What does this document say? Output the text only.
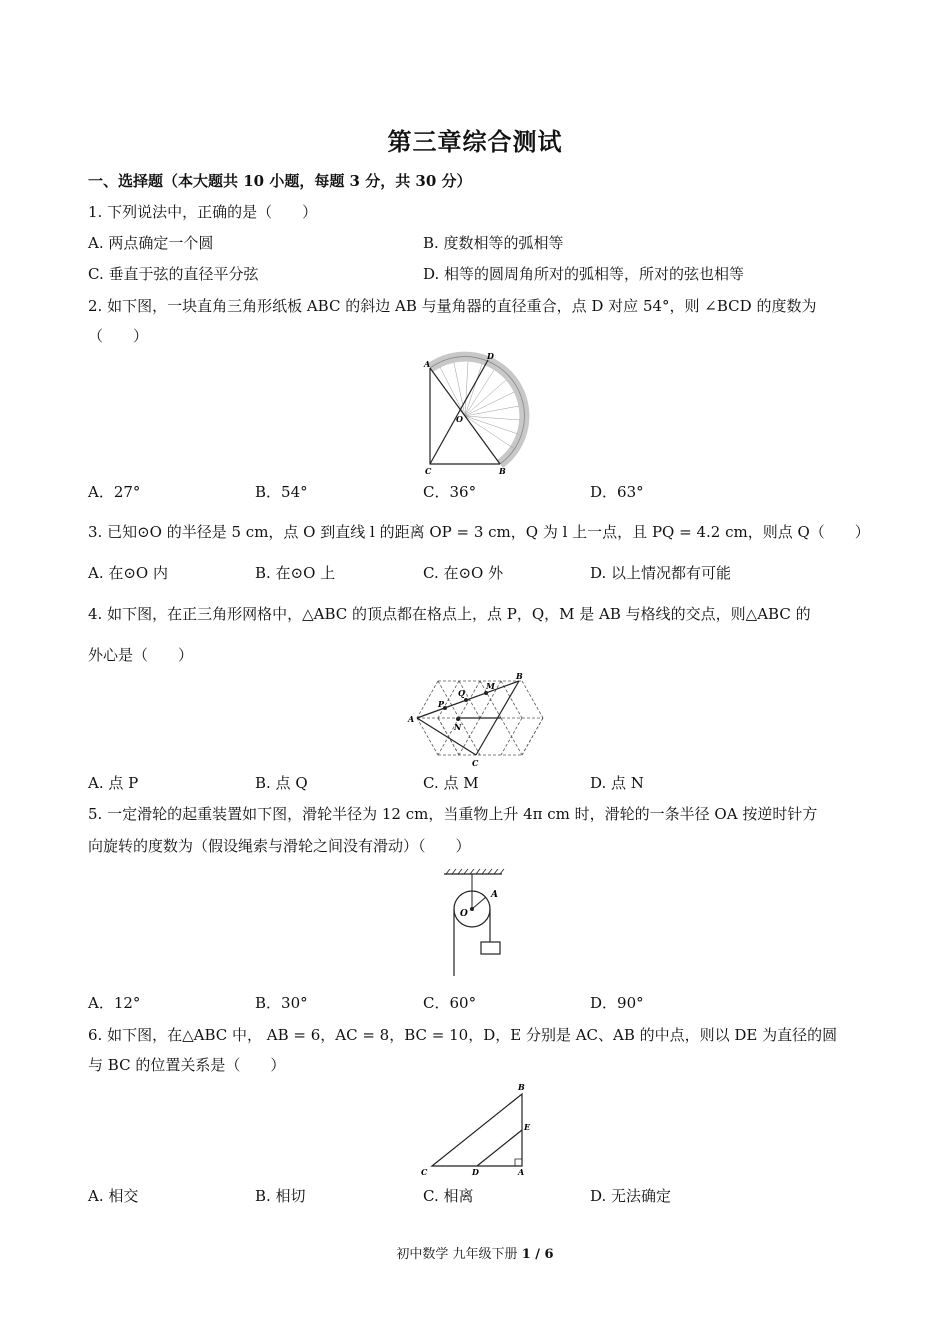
第三章综合测试
一、选择题（本大题共 10 小题，每题 3 分，共 30 分）
1. 下列说法中，正确的是（　　）
A. 两点确定一个圆	B. 度数相等的弧相等
C. 垂直于弦的直径平分弦	D. 相等的圆周角所对的弧相等，所对的弦也相等
2. 如下图，一块直角三角形纸板 ABC 的斜边 AB 与量角器的直径重合，点 D 对应 54°，则 ∠BCD 的度数为
（　　）
A
D
O
C	B
A．27°	B．54°	C．36°	D．63°
3. 已知⊙O 的半径是 5 cm，点 O 到直线 l 的距离 OP = 3 cm，Q 为 l 上一点，且 PQ = 4.2 cm，则点 Q（　　）
A. 在⊙O 内	B. 在⊙O 上	C. 在⊙O 外	D. 以上情况都有可能
4. 如下图，在正三角形网格中，△ABC 的顶点都在格点上，点 P，Q，M 是 AB 与格线的交点，则△ABC 的
外心是（　　）
A
B
C
P
Q
M
N
A. 点 P	B. 点 Q	C. 点 M	D. 点 N
5. 一定滑轮的起重装置如下图，滑轮半径为 12 cm，当重物上升 4π cm 时，滑轮的一条半径 OA 按逆时针方
向旋转的度数为（假设绳索与滑轮之间没有滑动）（　　）
O
A
A．12°	B．30°	C．60°	D．90°
6. 如下图，在△ABC 中， AB = 6，AC = 8，BC = 10，D，E 分别是 AC、AB 的中点，则以 DE 为直径的圆
与 BC 的位置关系是（　　）
B
E
C	D	A
A. 相交	B. 相切	C. 相离	D. 无法确定
初中数学 九年级下册 1 / 6
